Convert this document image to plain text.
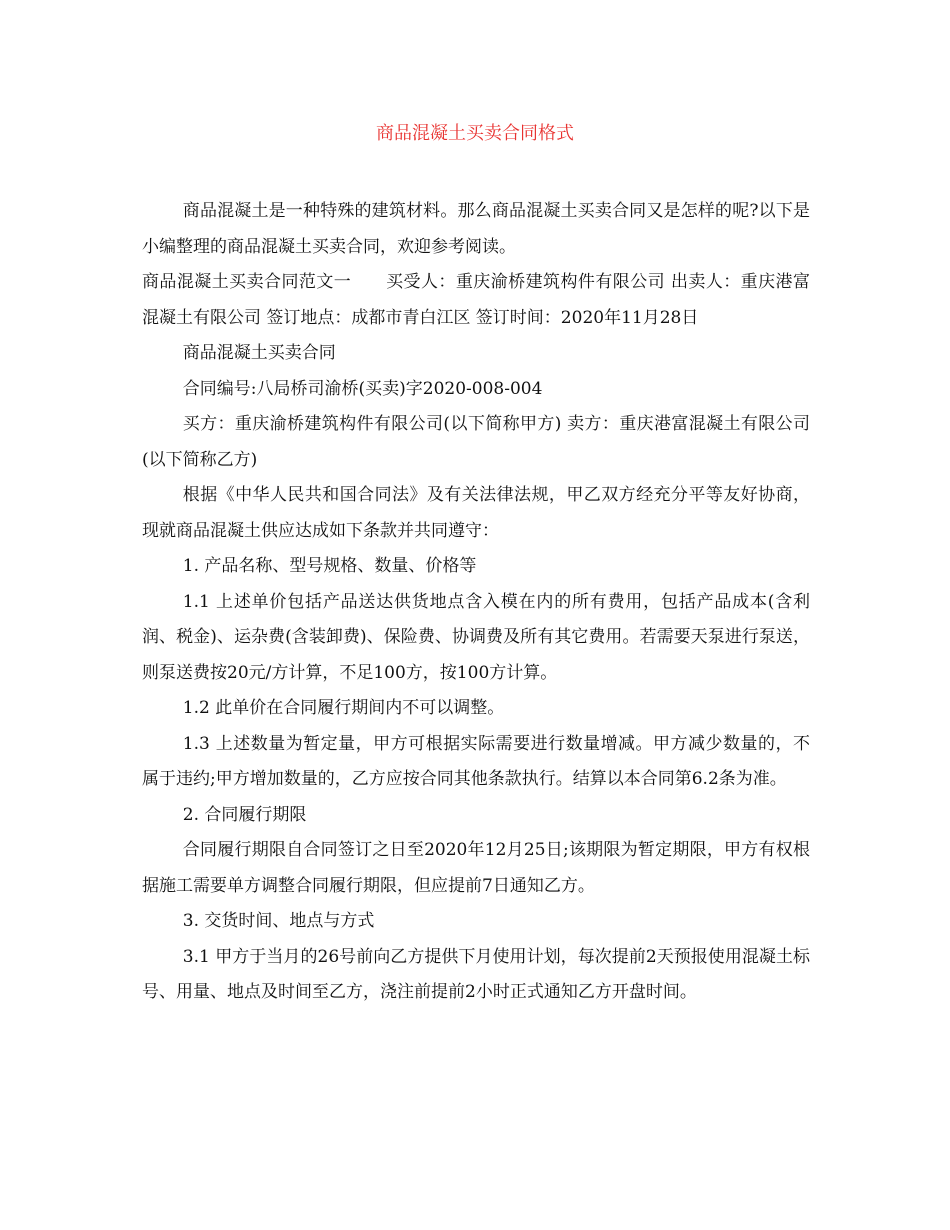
商品混凝土买卖合同格式

商品混凝土是一种特殊的建筑材料。那么商品混凝土买卖合同又是怎样的呢?以下是小编整理的商品混凝土买卖合同，欢迎参考阅读。

商品混凝土买卖合同范文一　　买受人：重庆渝桥建筑构件有限公司 出卖人：重庆港富混凝土有限公司 签订地点：成都市青白江区 签订时间：2020年11月28日

商品混凝土买卖合同

合同编号:八局桥司渝桥(买卖)字2020-008-004

买方：重庆渝桥建筑构件有限公司(以下简称甲方) 卖方：重庆港富混凝土有限公司(以下简称乙方)

根据《中华人民共和国合同法》及有关法律法规，甲乙双方经充分平等友好协商，现就商品混凝土供应达成如下条款并共同遵守：

1. 产品名称、型号规格、数量、价格等

1.1 上述单价包括产品送达供货地点含入模在内的所有费用，包括产品成本(含利润、税金)、运杂费(含装卸费)、保险费、协调费及所有其它费用。若需要天泵进行泵送，则泵送费按20元/方计算，不足100方，按100方计算。

1.2 此单价在合同履行期间内不可以调整。

1.3 上述数量为暂定量，甲方可根据实际需要进行数量增减。甲方减少数量的，不属于违约;甲方增加数量的，乙方应按合同其他条款执行。结算以本合同第6.2条为准。

2. 合同履行期限

合同履行期限自合同签订之日至2020年12月25日;该期限为暂定期限，甲方有权根据施工需要单方调整合同履行期限，但应提前7日通知乙方。

3. 交货时间、地点与方式

3.1 甲方于当月的26号前向乙方提供下月使用计划，每次提前2天预报使用混凝土标号、用量、地点及时间至乙方，浇注前提前2小时正式通知乙方开盘时间。
